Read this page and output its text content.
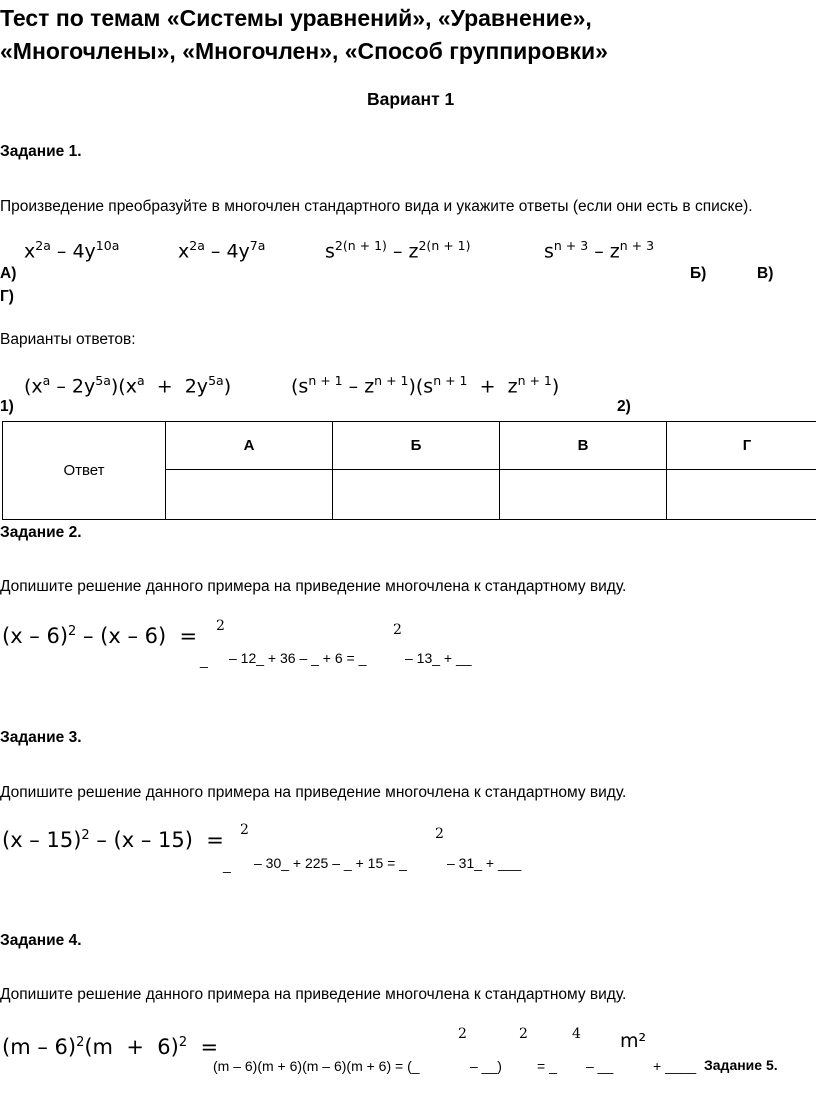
Тест по темам «Системы уравнений», «Уравнение»,
«Многочлены», «Многочлен», «Способ группировки»
Вариант 1
Задание 1.
Произведение преобразуйте в многочлен стандартного вида и укажите ответы (если они есть в списке).
$x^{2a} - 4y^{10a}$	$x^{2a} - 4y^{7a}$	$s^{2(n + 1)} - z^{2(n + 1)}$	$s^{n + 3} - z^{n + 3}$
А)	Б)	В)
Г)
Варианты ответов:
$(x^a - 2y^{5a})(x^a + 2y^{5a})$	$(s^{n + 1} - z^{n + 1})(s^{n + 1} + z^{n + 1})$
1)	2)
Ответ	А	Б	В	Г

Задание 2.
Допишите решение данного примера на приведение многочлена к стандартному виду.
(x – 6)$^2$ – (x – 6)  = 2	2
_ – 12_ + 36 – _ + 6 = _	– 13_ + __
Задание 3.
Допишите решение данного примера на приведение многочлена к стандартному виду.
(x – 15)$^2$ – (x – 15)  = 2	2
_ – 30_ + 225 – _ + 15 = _	– 31_ + ___
Задание 4.
Допишите решение данного примера на приведение многочлена к стандартному виду.
$(m - 6)^2(m + 6)^2$  =
2	2	4 m²
(m – 6)(m + 6)(m – 6)(m + 6) = (_	– __)	= _ – __	+ ____ Задание 5.
